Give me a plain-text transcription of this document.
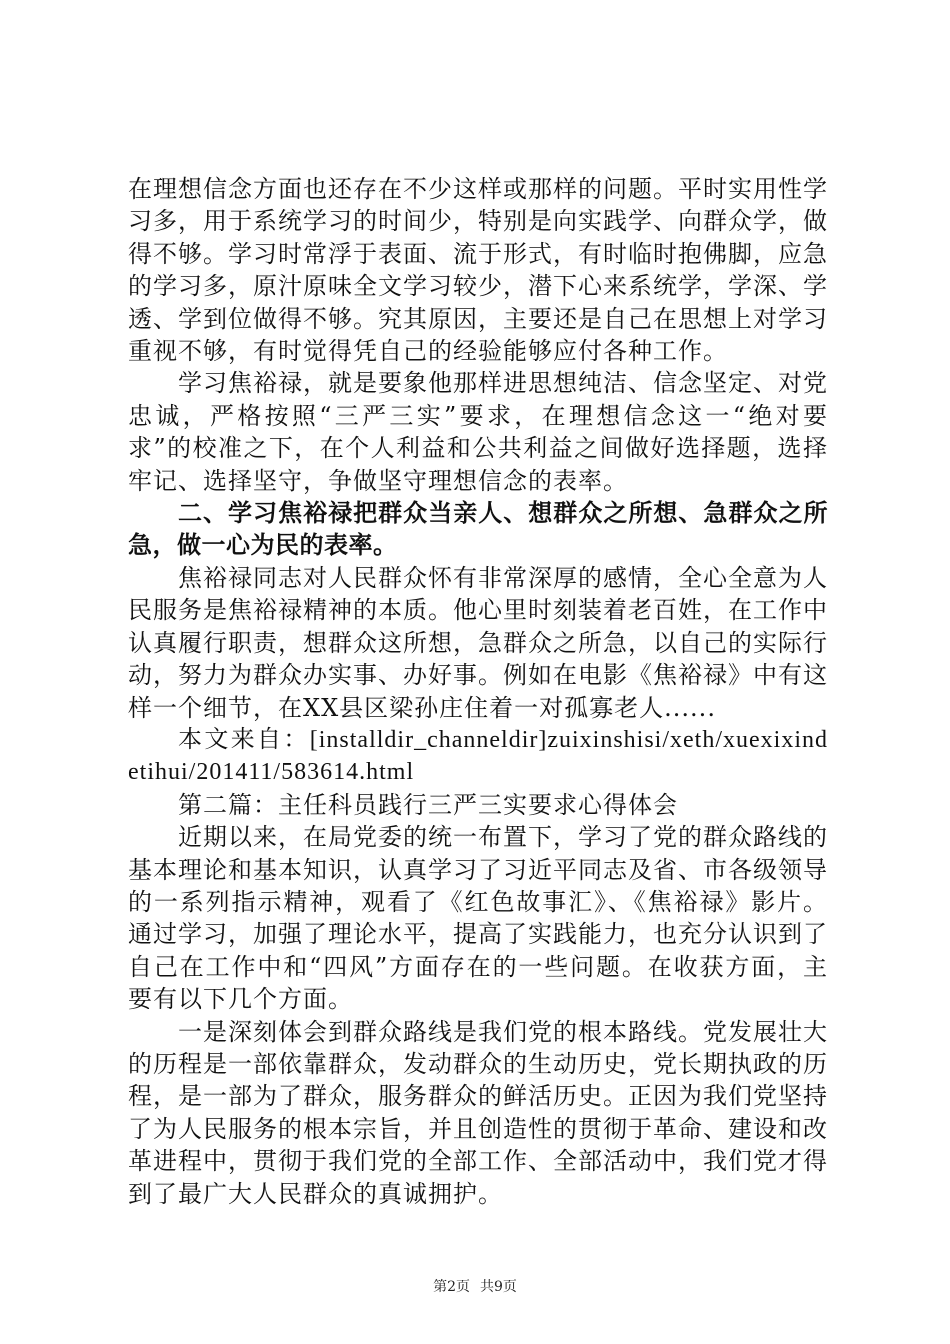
在理想信念方面也还存在不少这样或那样的问题。平时实用性学习多，用于系统学习的时间少，特别是向实践学、向群众学，做得不够。学习时常浮于表面、流于形式，有时临时抱佛脚，应急的学习多，原汁原味全文学习较少，潜下心来系统学，学深、学透、学到位做得不够。究其原因，主要还是自己在思想上对学习重视不够，有时觉得凭自己的经验能够应付各种工作。

学习焦裕禄，就是要象他那样进思想纯洁、信念坚定、对党忠诚，严格按照“三严三实”要求，在理想信念这一“绝对要求”的校准之下，在个人利益和公共利益之间做好选择题，选择牢记、选择坚守，争做坚守理想信念的表率。

二、学习焦裕禄把群众当亲人、想群众之所想、急群众之所急，做一心为民的表率。

焦裕禄同志对人民群众怀有非常深厚的感情，全心全意为人民服务是焦裕禄精神的本质。他心里时刻装着老百姓，在工作中认真履行职责，想群众这所想，急群众之所急，以自己的实际行动，努力为群众办实事、办好事。例如在电影《焦裕禄》中有这样一个细节，在XX县区梁孙庄住着一对孤寡老人......

本文来自：[installdir_channeldir]zuixinshisi/xeth/xuexixindetihui/201411/583614.html

第二篇：主任科员践行三严三实要求心得体会

近期以来，在局党委的统一布置下，学习了党的群众路线的基本理论和基本知识，认真学习了习近平同志及省、市各级领导的一系列指示精神，观看了《红色故事汇》、《焦裕禄》影片。通过学习，加强了理论水平，提高了实践能力，也充分认识到了自己在工作中和“四风”方面存在的一些问题。在收获方面，主要有以下几个方面。

一是深刻体会到群众路线是我们党的根本路线。党发展壮大的历程是一部依靠群众，发动群众的生动历史，党长期执政的历程，是一部为了群众，服务群众的鲜活历史。正因为我们党坚持了为人民服务的根本宗旨，并且创造性的贯彻于革命、建设和改革进程中，贯彻于我们党的全部工作、全部活动中，我们党才得到了最广大人民群众的真诚拥护。

第2页 共9页
